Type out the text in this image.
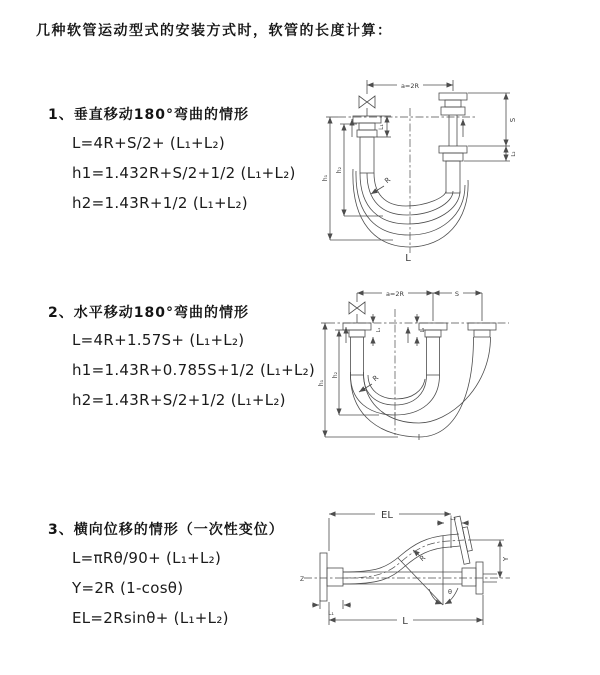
几种软管运动型式的安装方式时，软管的长度计算：
1、垂直移动180°弯曲的情形
L=4R+S/2+ (L₁+L₂)
h1=1.432R+S/2+1/2 (L₁+L₂)
h2=1.43R+1/2 (L₁+L₂)
a=2R
L₁
S
L₂
h₁
h₂
R
L
2、水平移动180°弯曲的情形
L=4R+1.57S+ (L₁+L₂)
h1=1.43R+0.785S+1/2 (L₁+L₂)
h2=1.43R+S/2+1/2 (L₁+L₂)
a=2R	S
L₁	L₂
h₁
h₂	R
3、横向位移的情形（一次性变位）
L=πRθ/90+ (L₁+L₂)
Y=2R (1-cosθ)
EL=2Rsinθ+ (L₁+L₂)
Z
EL	L₂
Y
θ
R
L₁
L
